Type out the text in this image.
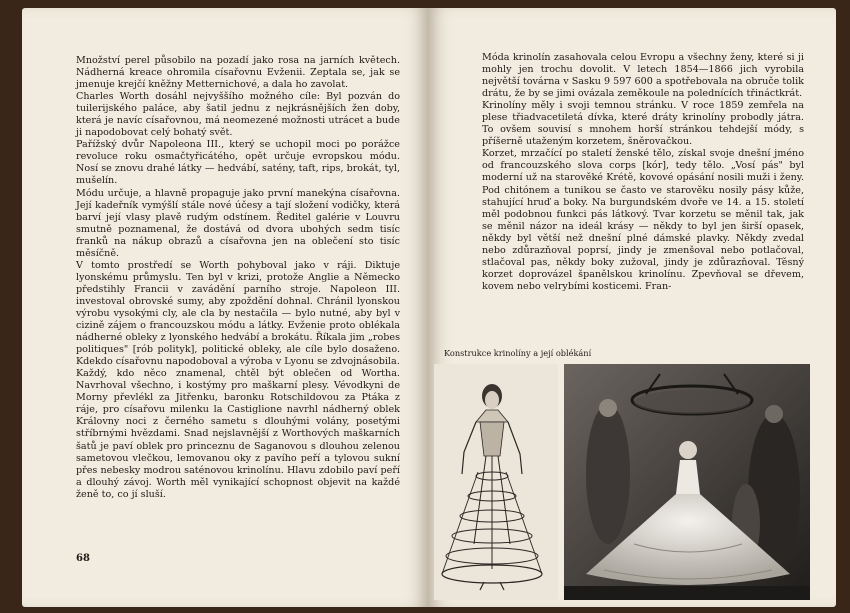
Množství perel působilo na pozadí jako rosa na jarních květech. Nádherná kreace ohromila císařovnu Evženii. Zeptala se, jak se jmenuje krejčí kněžny Metternichové, a dala ho zavolat.

Charles Worth dosáhl nejvyššího možného cíle: Byl pozván do tuilerijského paláce, aby šatil jednu z nejkrásnějších žen doby, která je navíc císařovnou, má neomezené možnosti utrácet a bude ji napodobovat celý bohatý svět.

Pařížský dvůr Napoleona III., který se uchopil moci po porážce revoluce roku osmačtyřicátého, opět určuje evropskou módu. Nosí se znovu drahé látky — hedvábí, satény, taft, rips, brokát, tyl, mušelín.

Módu určuje, a hlavně propaguje jako první manekýna císařovna. Její kadeřník vymýšlí stále nové účesy a tají složení vodičky, která barví její vlasy plavě rudým odstínem. Ředitel galérie v Louvru smutně poznamenal, že dostává od dvora ubohých sedm tisíc franků na nákup obrazů a císařovna jen na oblečení sto tisíc měsíčně.

V tomto prostředí se Worth pohyboval jako v ráji. Diktuje lyonskému průmyslu. Ten byl v krizi, protože Anglie a Německo předstihly Francii v zavádění parního stroje. Napoleon III. investoval obrovské sumy, aby zpoždění dohnal. Chránil lyonskou výrobu vysokými cly, ale cla by nestačila — bylo nutné, aby byl v cizině zájem o francouzskou módu a látky. Evženie proto oblékala nádherné obleky z lyonského hedvábí a brokátu. Říkala jim „robes politiques" [rób polityk], politické obleky, ale cíle bylo dosaženo. Kdekdo císařovnu napodoboval a výroba v Lyonu se zdvojnásobila.

Každý, kdo něco znamenal, chtěl být oblečen od Wortha. Navrhoval všechno, i kostýmy pro maškarní plesy. Vévodkyni de Morny převlékl za Jitřenku, baronku Rotschildovou za Ptáka z ráje, pro císařovu milenku la Castiglione navrhl nádherný oblek Královny noci z černého sametu s dlouhými volány, posetými stříbrnými hvězdami. Snad nejslavnější z Worthových maškarních šatů je paví oblek pro princeznu de Saganovou s dlouhou zelenou sametovou vlečkou, lemovanou oky z pavího peří a tylovou sukní přes nebesky modrou saténovou krinolínu. Hlavu zdobilo paví peří a dlouhý závoj. Worth měl vynikající schopnost objevit na každé ženě to, co jí sluší.

68

Móda krinolín zasahovala celou Evropu a všechny ženy, které si ji mohly jen trochu dovolit. V letech 1854—1866 jich vyrobila největší továrna v Sasku 9 597 600 a spotřebovala na obruče tolik drátu, že by se jimi ovázala zeměkoule na polednících třináctkrát.

Krinolíny měly i svoji temnou stránku. V roce 1859 zemřela na plese třiadvacetiletá dívka, které dráty krinolíny probodly játra. To ovšem souvisí s mnohem horší stránkou tehdejší módy, s příšerně utaženým korzetem, šněrovačkou.

Korzet, mrzačící po staletí ženské tělo, získal svoje dnešní jméno od francouzského slova corps [kór], tedy tělo. „Vosí pás" byl moderní už na starověké Krétě, kovové opásání nosili muži i ženy. Pod chitónem a tunikou se často ve starověku nosily pásy kůže, stahující hruď a boky. Na burgundském dvoře ve 14. a 15. století měl podobnou funkci pás látkový. Tvar korzetu se měnil tak, jak se měnil názor na ideál krásy — někdy to byl jen širší opasek, někdy byl větší než dnešní plné dámské plavky. Někdy zvedal nebo zdůrazňoval poprsí, jindy je zmenšoval nebo potlačoval, stlačoval pas, někdy boky zužoval, jindy je zdůrazňoval. Těsný korzet doprovázel španělskou krinolínu. Zpevňoval se dřevem, kovem nebo velrybími kosticemi. Fran-

Konstrukce krinolíny a její oblékání
